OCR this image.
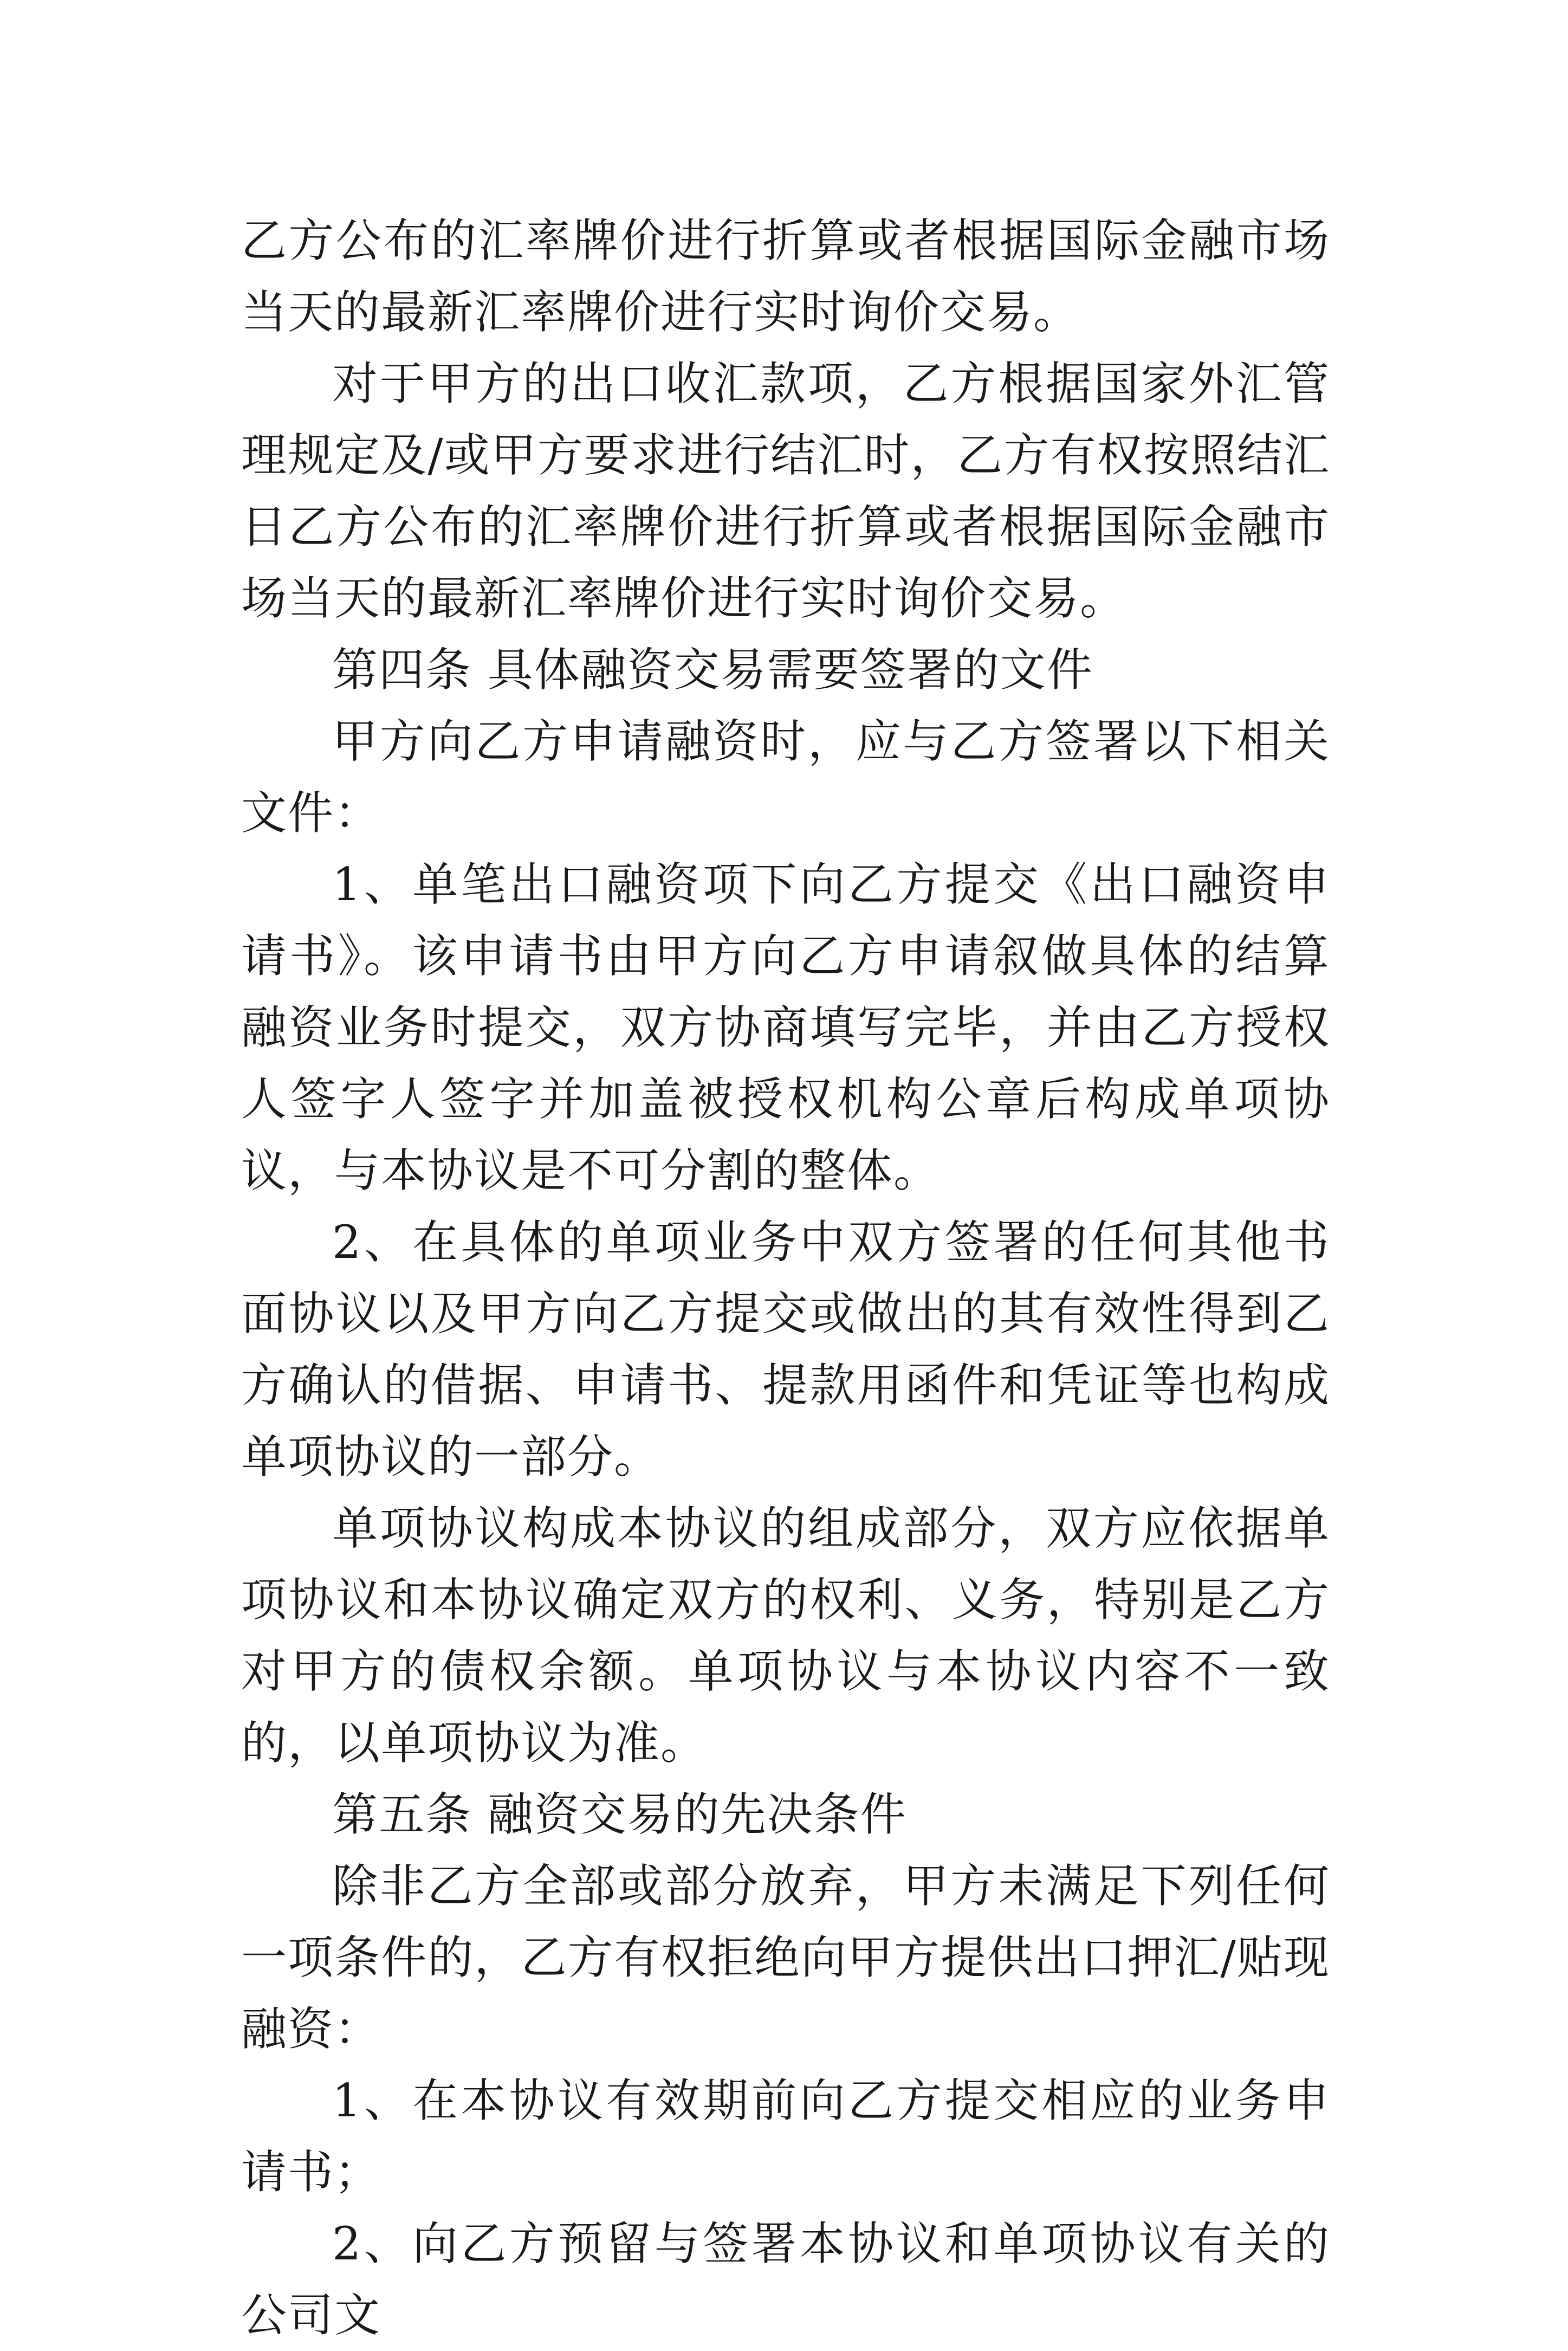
乙方公布的汇率牌价进行折算或者根据国际金融市场当天的最新汇率牌价进行实时询价交易。

对于甲方的出口收汇款项，乙方根据国家外汇管理规定及/或甲方要求进行结汇时，乙方有权按照结汇日乙方公布的汇率牌价进行折算或者根据国际金融市场当天的最新汇率牌价进行实时询价交易。

第四条 具体融资交易需要签署的文件

甲方向乙方申请融资时，应与乙方签署以下相关文件：

1、单笔出口融资项下向乙方提交《出口融资申请书》。该申请书由甲方向乙方申请叙做具体的结算融资业务时提交，双方协商填写完毕，并由乙方授权人签字人签字并加盖被授权机构公章后构成单项协议，与本协议是不可分割的整体。

2、在具体的单项业务中双方签署的任何其他书面协议以及甲方向乙方提交或做出的其有效性得到乙方确认的借据、申请书、提款用函件和凭证等也构成单项协议的一部分。

单项协议构成本协议的组成部分，双方应依据单项协议和本协议确定双方的权利、义务，特别是乙方对甲方的债权余额。单项协议与本协议内容不一致的，以单项协议为准。

第五条 融资交易的先决条件

除非乙方全部或部分放弃，甲方未满足下列任何一项条件的，乙方有权拒绝向甲方提供出口押汇/贴现融资：

1、在本协议有效期前向乙方提交相应的业务申请书；

2、向乙方预留与签署本协议和单项协议有关的公司文
